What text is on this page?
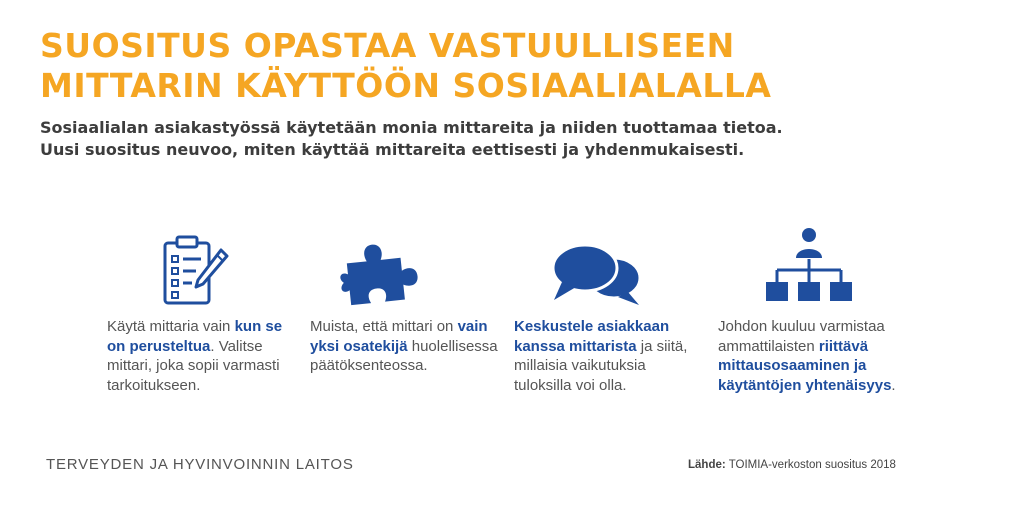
SUOSITUS OPASTAA VASTUULLISEEN
MITTARIN KÄYTTÖÖN SOSIAALIALALLA
Sosiaalialan asiakastyössä käytetään monia mittareita ja niiden tuottamaa tietoa.
Uusi suositus neuvoo, miten käyttää mittareita eettisesti ja yhdenmukaisesti.
Käytä mittaria vain kun se on perusteltua. Valitse mittari, joka sopii varmasti tarkoitukseen.
Muista, että mittari on vain yksi osatekijä huolellisessa päätöksenteossa.
Keskustele asiakkaan kanssa mittarista ja siitä, millaisia vaikutuksia tuloksilla voi olla.
Johdon kuuluu varmistaa ammattilaisten riittävä mittausosaaminen ja käytäntöjen yhtenäisyys.
TERVEYDEN JA HYVINVOINNIN LAITOS	Lähde: TOIMIA-verkoston suositus 2018
